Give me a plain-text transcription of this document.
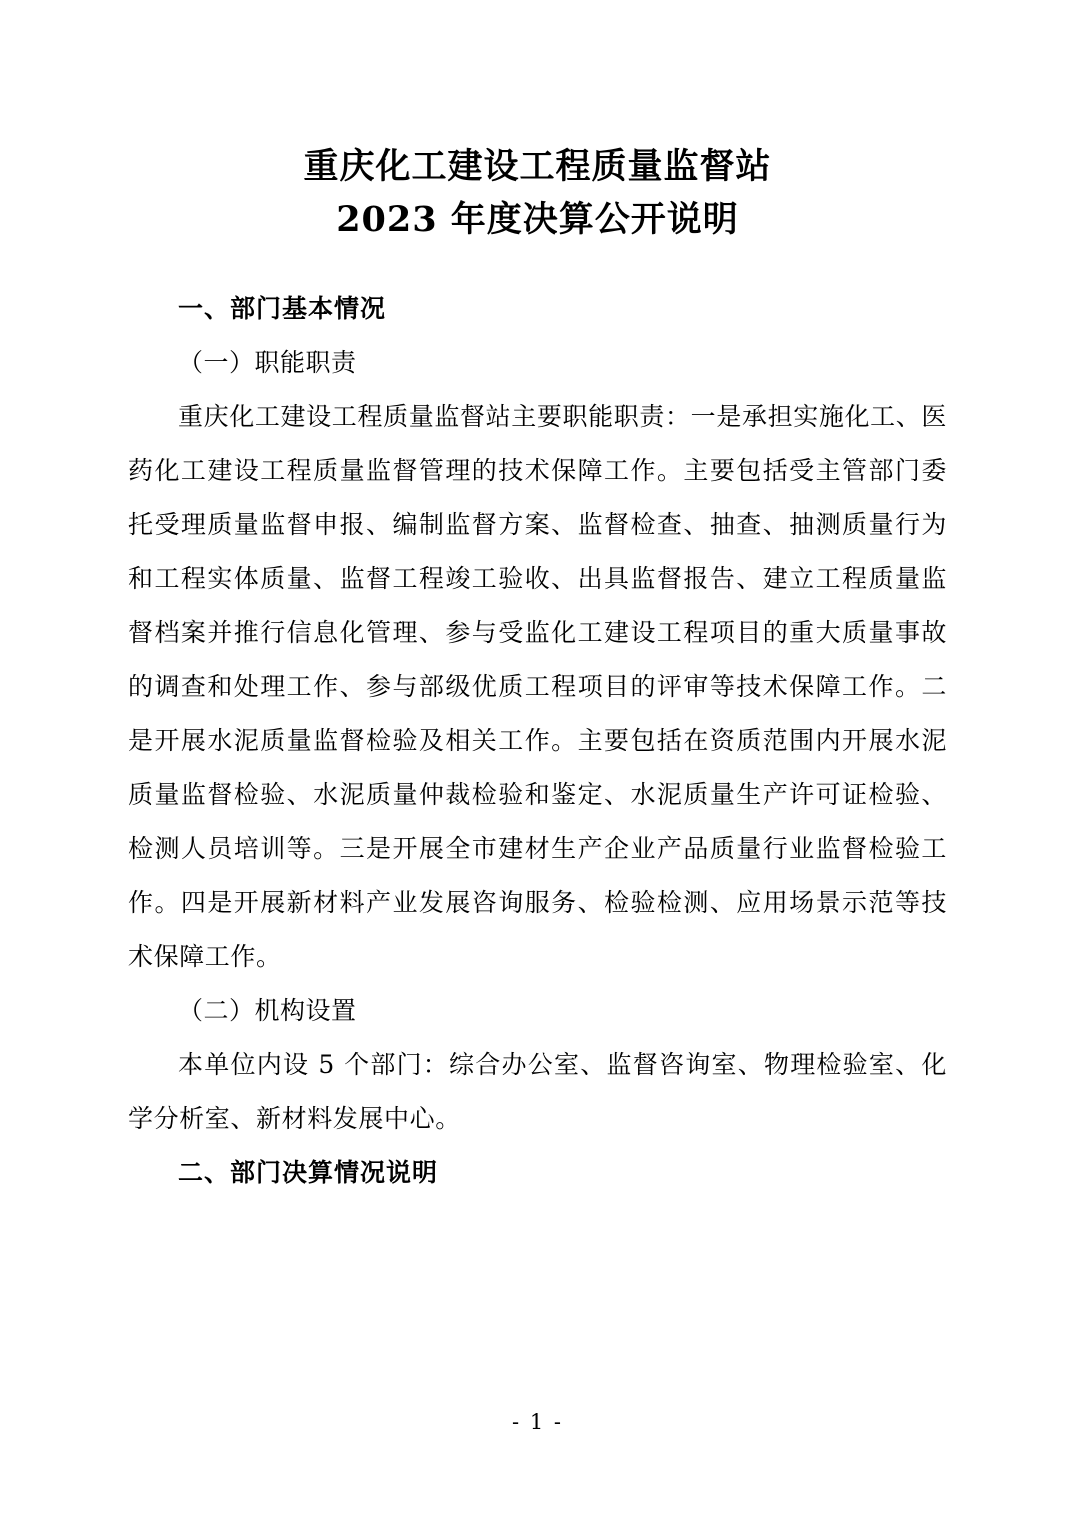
重庆化工建设工程质量监督站
2023 年度决算公开说明
一、部门基本情况

（一）职能职责

重庆化工建设工程质量监督站主要职能职责：一是承担实施化工、医药化工建设工程质量监督管理的技术保障工作。主要包括受主管部门委托受理质量监督申报、编制监督方案、监督检查、抽查、抽测质量行为和工程实体质量、监督工程竣工验收、出具监督报告、建立工程质量监督档案并推行信息化管理、参与受监化工建设工程项目的重大质量事故的调查和处理工作、参与部级优质工程项目的评审等技术保障工作。二是开展水泥质量监督检验及相关工作。主要包括在资质范围内开展水泥质量监督检验、水泥质量仲裁检验和鉴定、水泥质量生产许可证检验、检测人员培训等。三是开展全市建材生产企业产品质量行业监督检验工作。四是开展新材料产业发展咨询服务、检验检测、应用场景示范等技术保障工作。

（二）机构设置

本单位内设 5 个部门：综合办公室、监督咨询室、物理检验室、化学分析室、新材料发展中心。

二、部门决算情况说明
- 1 -
